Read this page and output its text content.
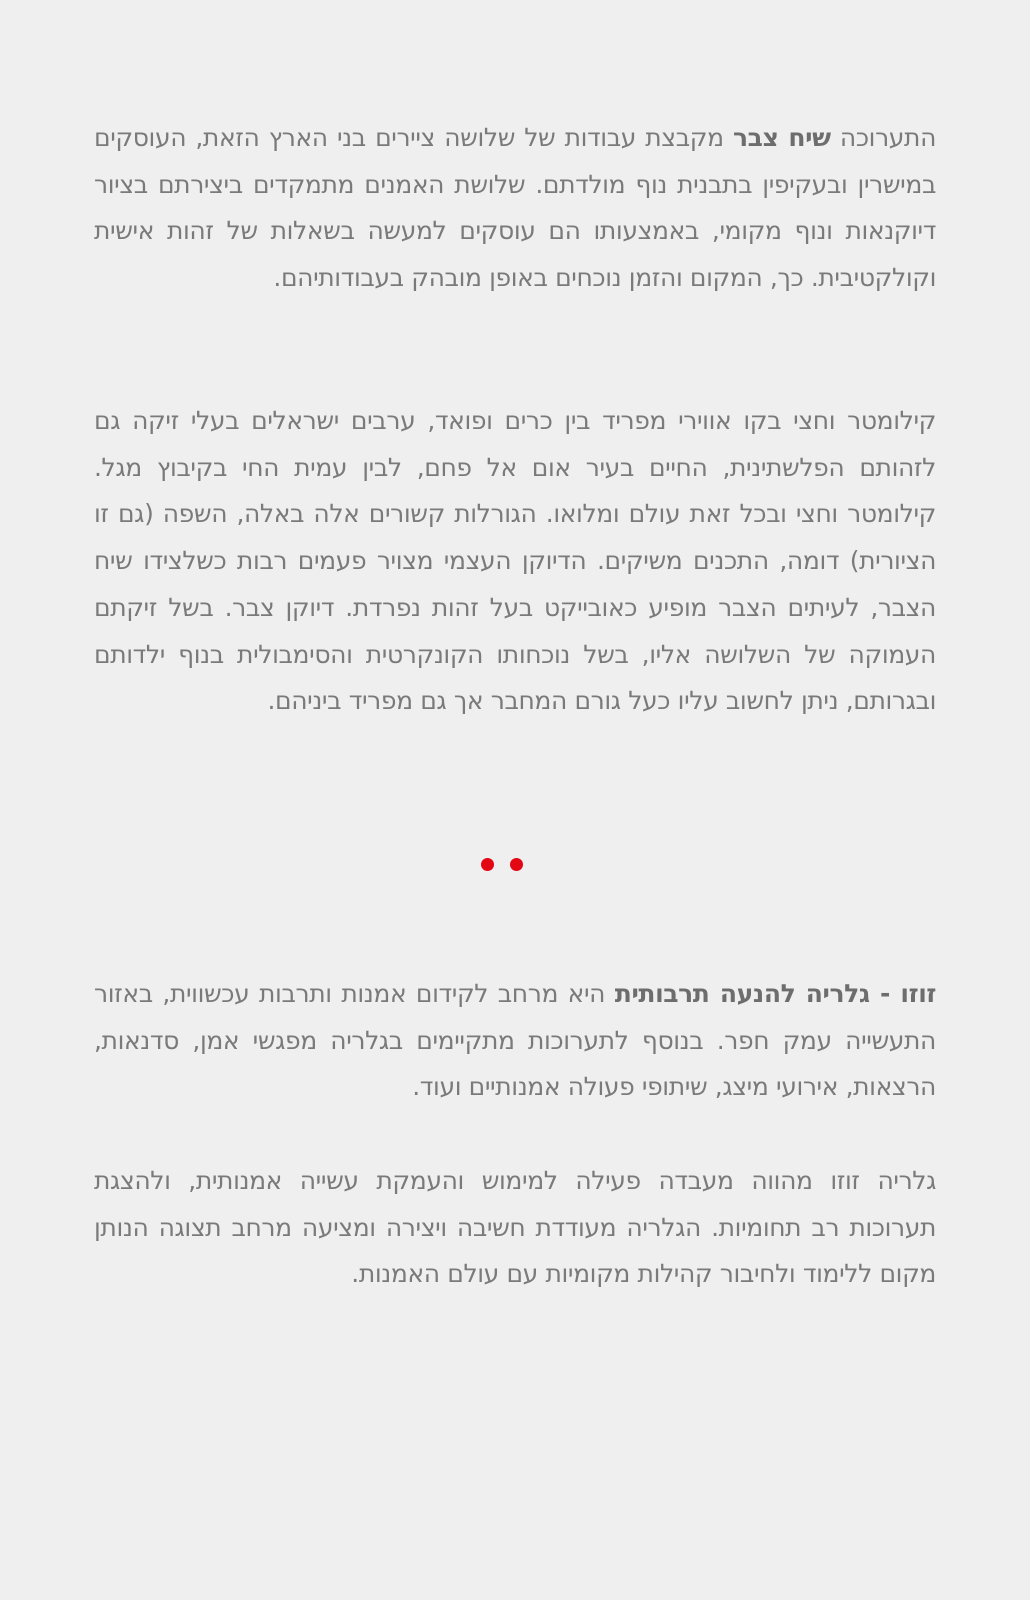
התערוכה שיח צבר מקבצת עבודות של שלושה ציירים בני הארץ הזאת, העוסקים במישרין ובעקיפין בתבנית נוף מולדתם. שלושת האמנים מתמקדים ביצירתם בציור דיוקנאות ונוף מקומי, באמצעותו הם עוסקים למעשה בשאלות של זהות אישית וקולקטיבית. כך, המקום והזמן נוכחים באופן מובהק בעבודותיהם.

קילומטר וחצי בקו אווירי מפריד בין כרים ופואד, ערבים ישראלים בעלי זיקה גם לזהותם הפלשתינית, החיים בעיר אום אל פחם, לבין עמית החי בקיבוץ מגל. קילומטר וחצי ובכל זאת עולם ומלואו. הגורלות קשורים אלה באלה, השפה (גם זו הציורית) דומה, התכנים משיקים. הדיוקן העצמי מצויר פעמים רבות כשלצידו שיח הצבר, לעיתים הצבר מופיע כאובייקט בעל זהות נפרדת. דיוקן צבר. בשל זיקתם העמוקה של השלושה אליו, בשל נוכחותו הקונקרטית והסימבולית בנוף ילדותם ובגרותם, ניתן לחשוב עליו כעל גורם המחבר אך גם מפריד ביניהם.

זוזו - גלריה להנעה תרבותית היא מרחב לקידום אמנות ותרבות עכשווית, באזור התעשייה עמק חפר. בנוסף לתערוכות מתקיימים בגלריה מפגשי אמן, סדנאות, הרצאות, אירועי מיצג, שיתופי פעולה אמנותיים ועוד.

גלריה זוזו מהווה מעבדה פעילה למימוש והעמקת עשייה אמנותית, ולהצגת תערוכות רב תחומיות. הגלריה מעודדת חשיבה ויצירה ומציעה מרחב תצוגה הנותן מקום ללימוד ולחיבור קהילות מקומיות עם עולם האמנות.
